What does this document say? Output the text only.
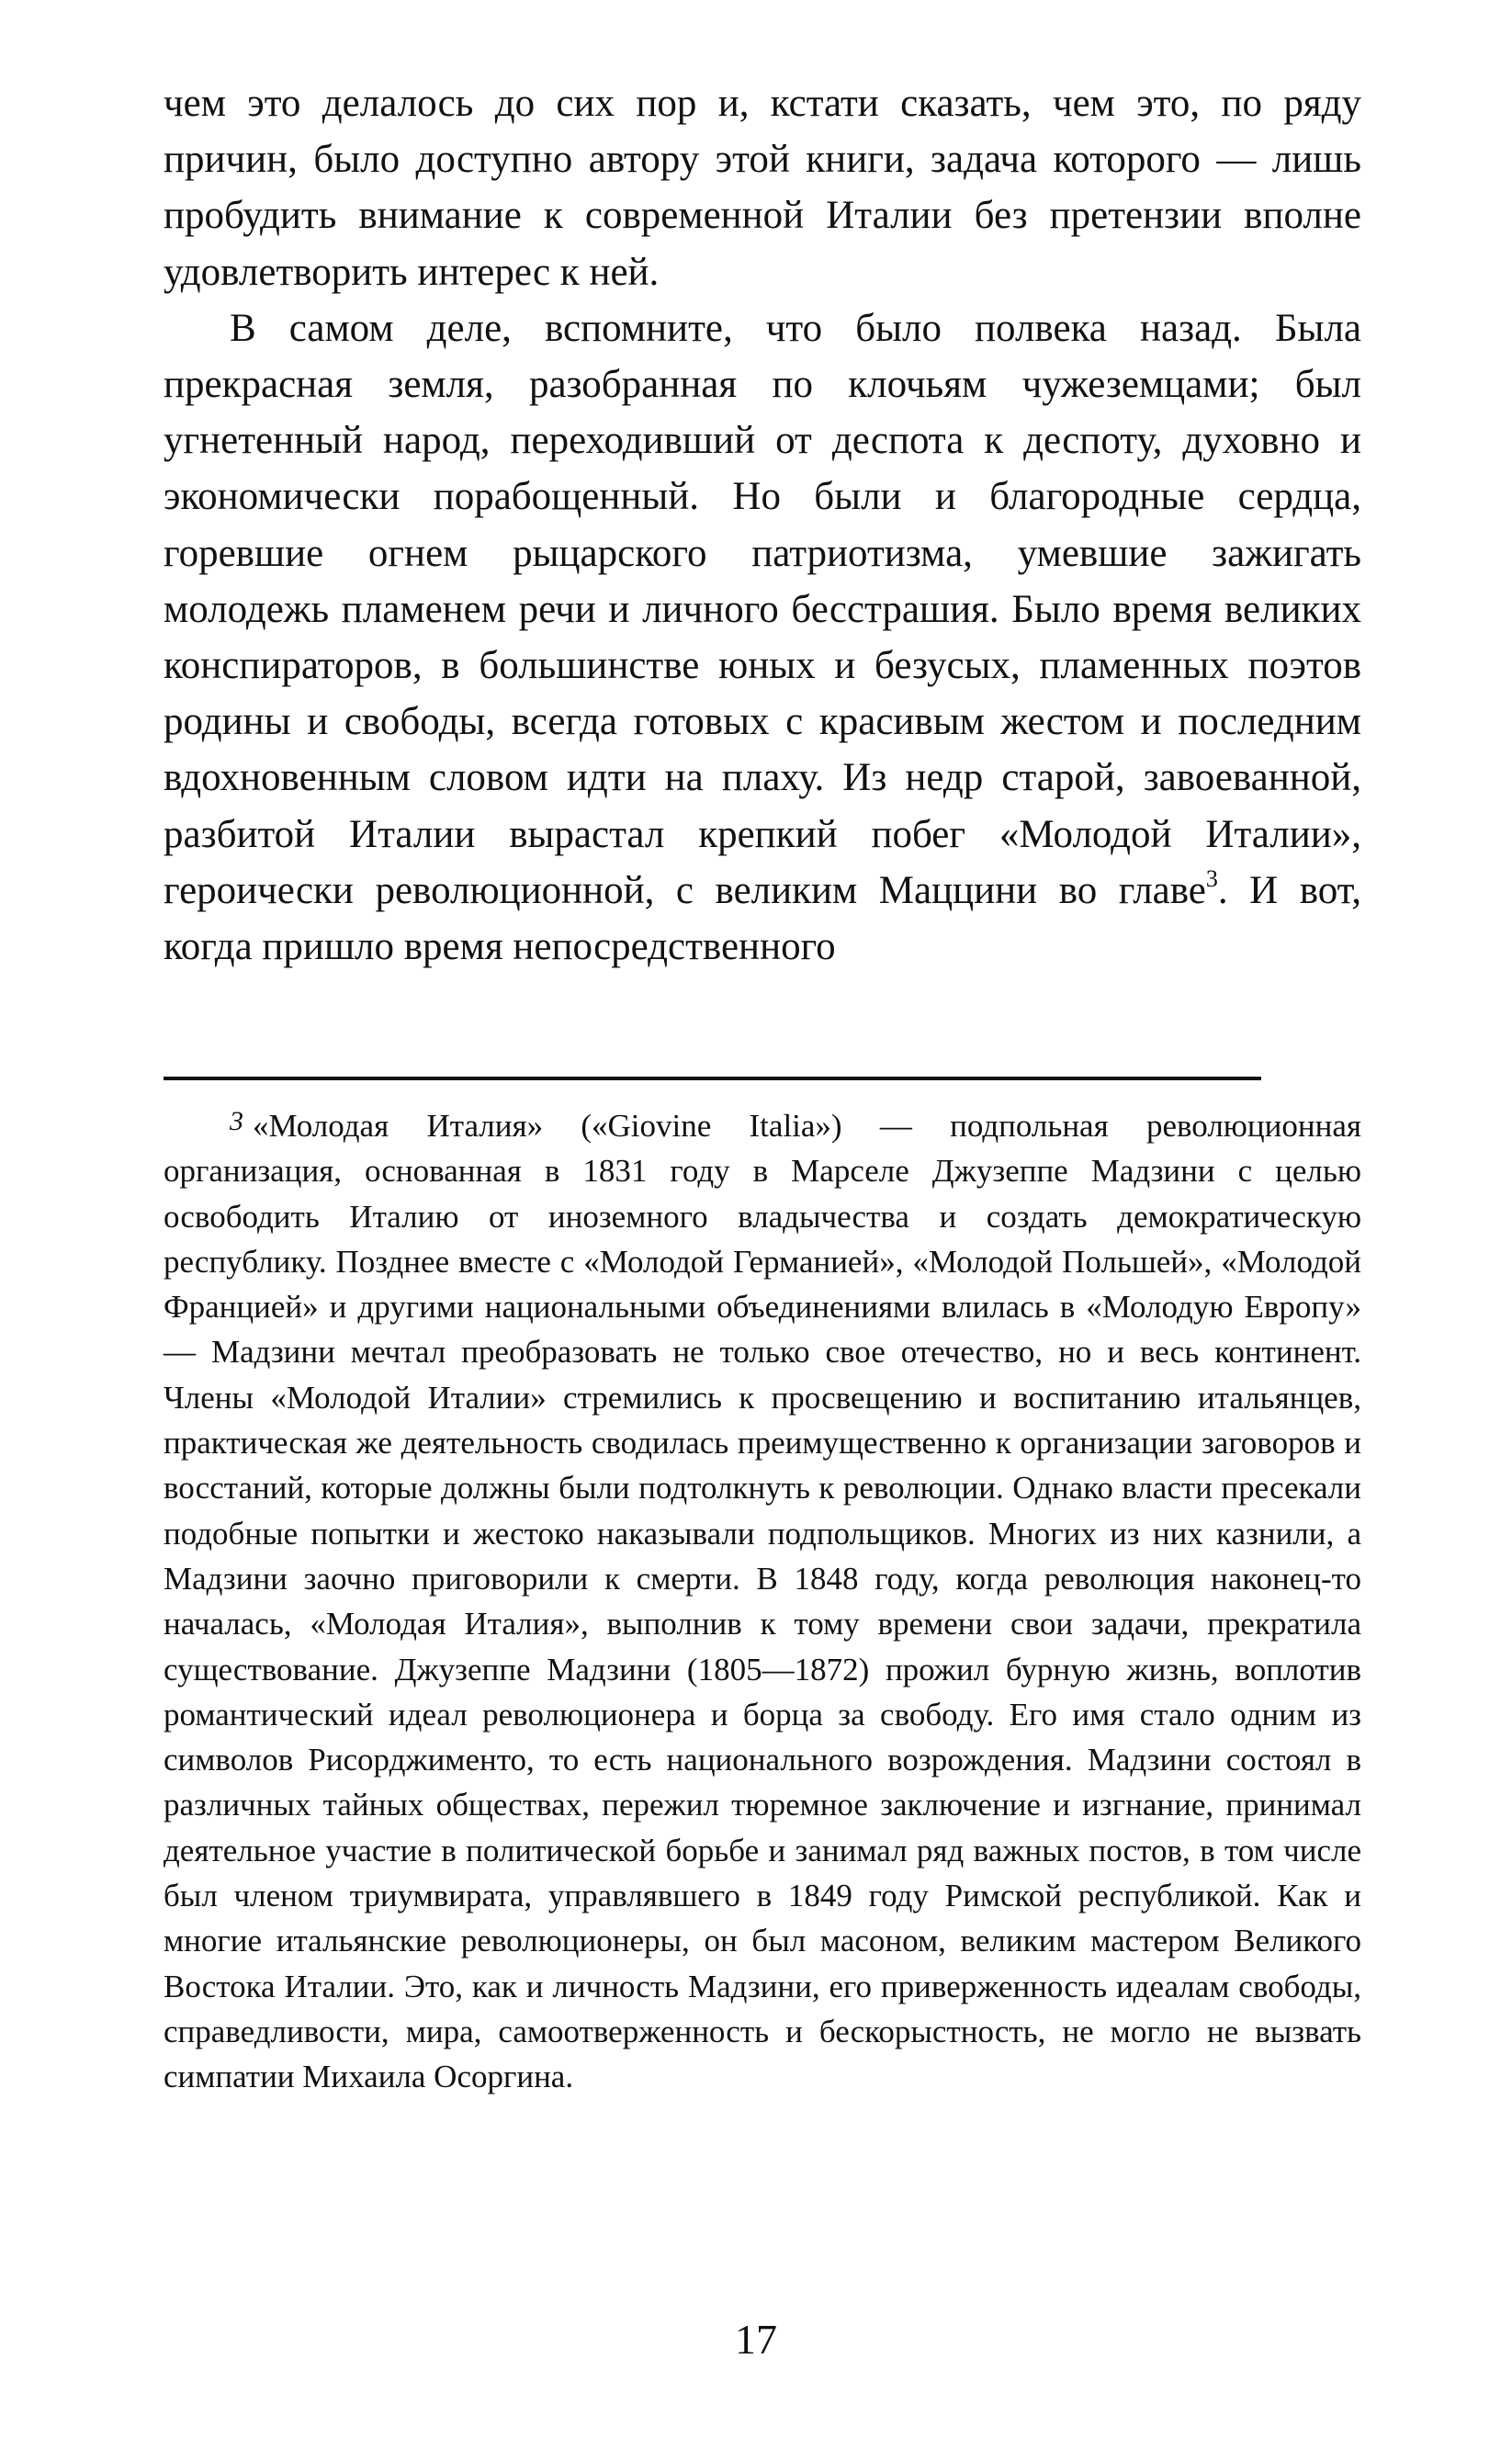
чем это делалось до сих пор и, кстати сказать, чем это, по ряду причин, было доступно автору этой книги, задача которого — лишь пробудить внимание к современной Италии без претензии вполне удовлетворить интерес к ней.

В самом деле, вспомните, что было полвека назад. Была прекрасная земля, разобранная по клочьям чужеземцами; был угнетенный народ, переходивший от деспота к деспоту, духовно и экономически порабощенный. Но были и благородные сердца, горевшие огнем рыцарского патриотизма, умевшие зажигать молодежь пламенем речи и личного бесстрашия. Было время великих конспираторов, в большинстве юных и безусых, пламенных поэтов родины и свободы, всегда готовых с красивым жестом и последним вдохновенным словом идти на плаху. Из недр старой, завоеванной, разбитой Италии вырастал крепкий побег «Молодой Италии», героически революционной, с великим Маццини во главе$^3$. И вот, когда пришло время непосредственного

3 «Молодая Италия» («Giovine Italia») — подпольная революционная организация, основанная в 1831 году в Марселе Джузеппе Мадзини с целью освободить Италию от иноземного владычества и создать демократическую республику. Позднее вместе с «Молодой Германией», «Молодой Польшей», «Молодой Францией» и другими национальными объединениями влилась в «Молодую Европу» — Мадзини мечтал преобразовать не только свое отечество, но и весь континент. Члены «Молодой Италии» стремились к просвещению и воспитанию итальянцев, практическая же деятельность сводилась преимущественно к организации заговоров и восстаний, которые должны были подтолкнуть к революции. Однако власти пресекали подобные попытки и жестоко наказывали подпольщиков. Многих из них казнили, а Мадзини заочно приговорили к смерти. В 1848 году, когда революция наконец-то началась, «Молодая Италия», выполнив к тому времени свои задачи, прекратила существование. Джузеппе Мадзини (1805—1872) прожил бурную жизнь, воплотив романтический идеал революционера и борца за свободу. Его имя стало одним из символов Рисорджименто, то есть национального возрождения. Мадзини состоял в различных тайных обществах, пережил тюремное заключение и изгнание, принимал деятельное участие в политической борьбе и занимал ряд важных постов, в том числе был членом триумвирата, управлявшего в 1849 году Римской республикой. Как и многие итальянские революционеры, он был масоном, великим мастером Великого Востока Италии. Это, как и личность Мадзини, его приверженность идеалам свободы, справедливости, мира, самоотверженность и бескорыстность, не могло не вызвать симпатии Михаила Осоргина.

17
